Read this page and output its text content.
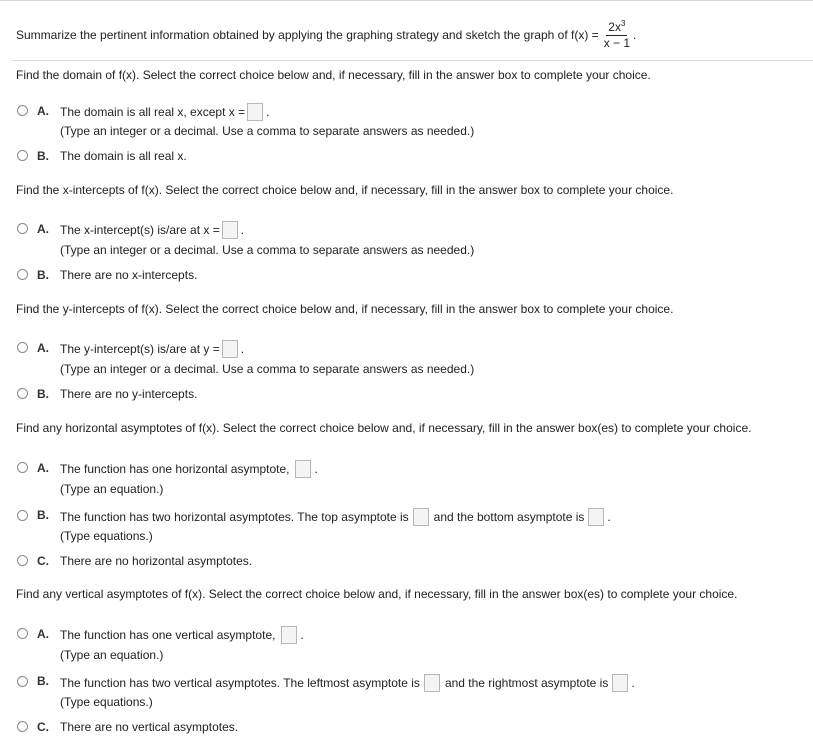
Summarize the pertinent information obtained by applying the graphing strategy and sketch the graph of $f(x) = \frac{2x^3}{x - 1}$ .
Find the domain of f(x). Select the correct choice below and, if necessary, fill in the answer box to complete your choice.
A. The domain is all real x, except x = .
(Type an integer or a decimal. Use a comma to separate answers as needed.)
B. The domain is all real x.
Find the x-intercepts of f(x). Select the correct choice below and, if necessary, fill in the answer box to complete your choice.
A. The x-intercept(s) is/are at x = .
(Type an integer or a decimal. Use a comma to separate answers as needed.)
B. There are no x-intercepts.
Find the y-intercepts of f(x). Select the correct choice below and, if necessary, fill in the answer box to complete your choice.
A. The y-intercept(s) is/are at y = .
(Type an integer or a decimal. Use a comma to separate answers as needed.)
B. There are no y-intercepts.
Find any horizontal asymptotes of f(x). Select the correct choice below and, if necessary, fill in the answer box(es) to complete your choice.
A. The function has one horizontal asymptote, .
(Type an equation.)
B. The function has two horizontal asymptotes. The top asymptote is and the bottom asymptote is .
(Type equations.)
C. There are no horizontal asymptotes.
Find any vertical asymptotes of f(x). Select the correct choice below and, if necessary, fill in the answer box(es) to complete your choice.
A. The function has one vertical asymptote, .
(Type an equation.)
B. The function has two vertical asymptotes. The leftmost asymptote is and the rightmost asymptote is .
(Type equations.)
C. There are no vertical asymptotes.
